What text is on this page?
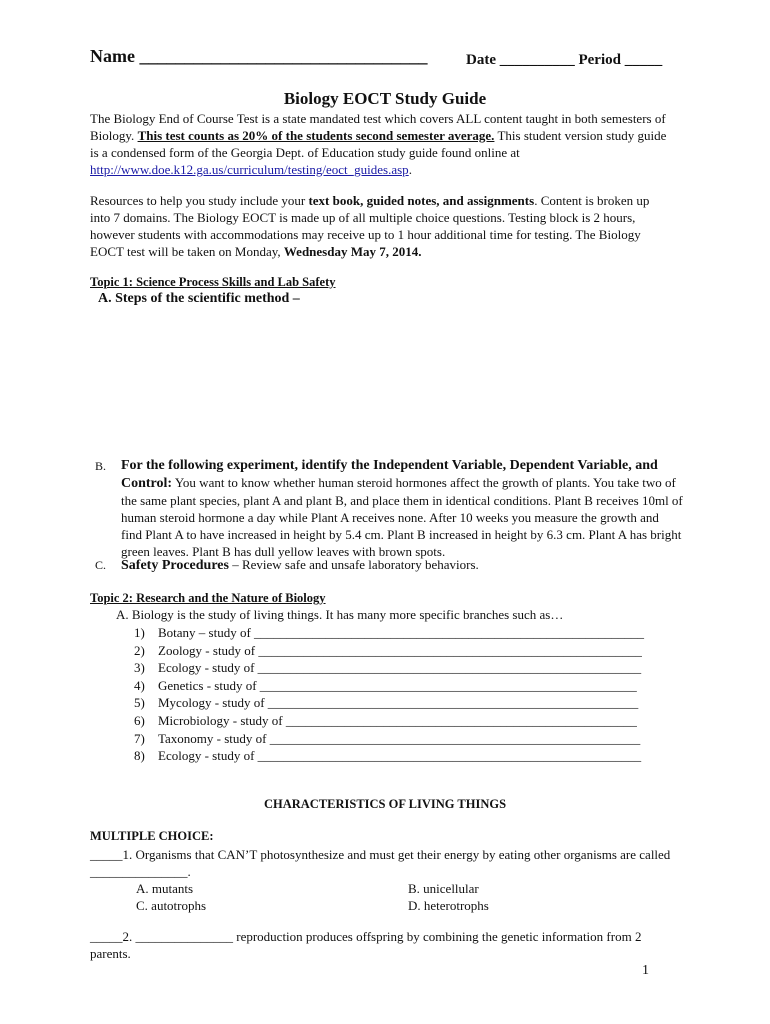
Name ________________________________	Date __________ Period _____
Biology EOCT Study Guide
The Biology End of Course Test is a state mandated test which covers ALL content taught in both semesters of Biology. This test counts as 20% of the students second semester average. This student version study guide is a condensed form of the Georgia Dept. of Education study guide found online at http://www.doe.k12.ga.us/curriculum/testing/eoct_guides.asp.
Resources to help you study include your text book, guided notes, and assignments. Content is broken up into 7 domains. The Biology EOCT is made up of all multiple choice questions. Testing block is 2 hours, however students with accommodations may receive up to 1 hour additional time for testing. The Biology EOCT test will be taken on Monday, Wednesday May 7, 2014.
Topic 1: Science Process Skills and Lab Safety
A. Steps of the scientific method –
B. For the following experiment, identify the Independent Variable, Dependent Variable, and Control: You want to know whether human steroid hormones affect the growth of plants. You take two of the same plant species, plant A and plant B, and place them in identical conditions. Plant B receives 10ml of human steroid hormone a day while Plant A receives none. After 10 weeks you measure the growth and find Plant A to have increased in height by 5.4 cm. Plant B increased in height by 6.3 cm. Plant A has bright green leaves. Plant B has dull yellow leaves with brown spots.
C. Safety Procedures – Review safe and unsafe laboratory behaviors.
Topic 2: Research and the Nature of Biology
A. Biology is the study of living things. It has many more specific branches such as…
1) Botany – study of ____________________________________________________________
2) Zoology - study of ___________________________________________________________
3) Ecology - study of ___________________________________________________________
4) Genetics - study of __________________________________________________________
5) Mycology - study of _________________________________________________________
6) Microbiology - study of ______________________________________________________
7) Taxonomy - study of _________________________________________________________
8) Ecology - study of ___________________________________________________________
CHARACTERISTICS OF LIVING THINGS
MULTIPLE CHOICE:
_____1. Organisms that CAN’T photosynthesize and must get their energy by eating other organisms are called _______________.
A. mutants	B. unicellular
C. autotrophs	D. heterotrophs
_____2. _______________ reproduction produces offspring by combining the genetic information from 2 parents.
1
